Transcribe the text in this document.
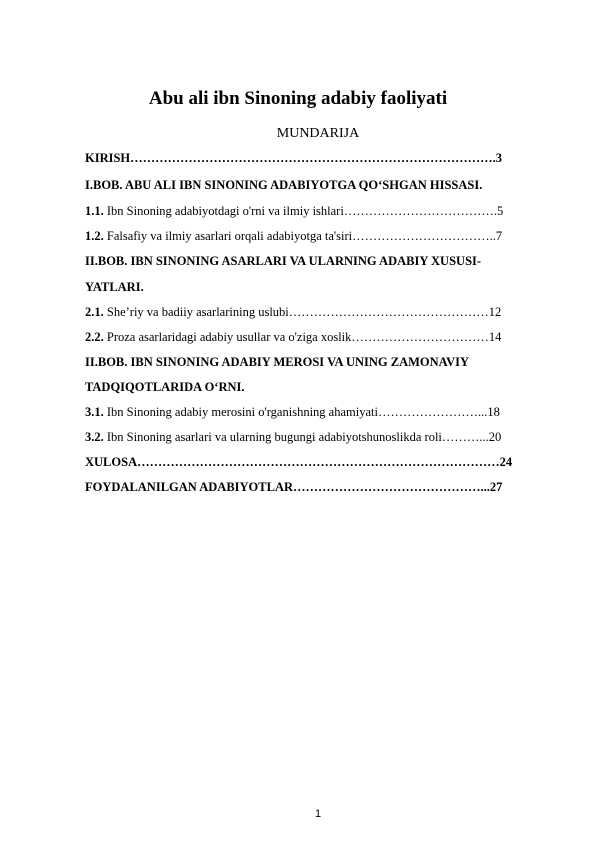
Abu ali ibn Sinoning adabiy faoliyati
MUNDARIJA
KIRISH…………………………………………………………………………….3
I.BOB. ABU ALI IBN SINONING ADABIYOTGA QO‘SHGAN HISSASI.
1.1. Ibn Sinoning adabiyotdagi o'rni va ilmiy ishlari……………………………….5
1.2. Falsafiy va ilmiy asarlari orqali adabiyotga ta'siri……………………………..7
II.BOB. IBN SINONING ASARLARI VA ULARNING ADABIY XUSUSI-
YATLARI.
2.1. She’riy va badiiy asarlarining uslubi…………………………………………12
2.2. Proza asarlaridagi adabiy usullar va o'ziga xoslik……………………………14
II.BOB. IBN SINONING ADABIY MEROSI VA UNING ZAMONAVIY
TADQIQOTLARIDA O‘RNI.
3.1. Ibn Sinoning adabiy merosini o'rganishning ahamiyati……………………...18
3.2. Ibn Sinoning asarlari va ularning bugungi adabiyotshunoslikda roli………...20
XULOSA……………………………………………………………………………24
FOYDALANILGAN ADABIYOTLAR………………………………………...27
1
